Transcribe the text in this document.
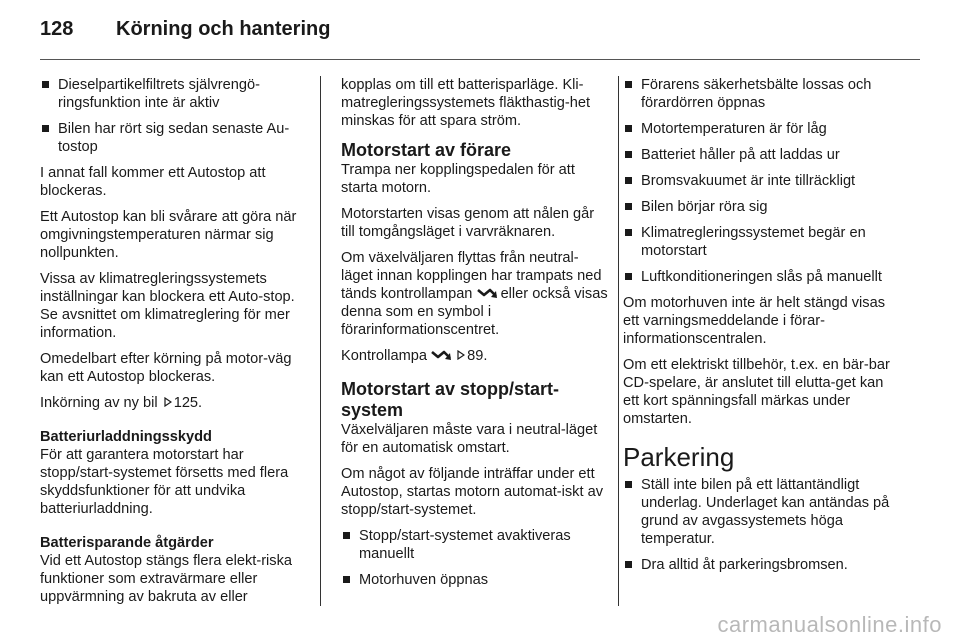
128 Körning och hantering
Dieselpartikelfiltrets självrengö-ringsfunktion inte är aktiv
Bilen har rört sig sedan senaste Au-tostop

I annat fall kommer ett Autostop att blockeras.

Ett Autostop kan bli svårare att göra när omgivningstemperaturen närmar sig nollpunkten.

Vissa av klimatregleringssystemets inställningar kan blockera ett Auto-stop. Se avsnittet om klimatreglering för mer information.

Omedelbart efter körning på motor-väg kan ett Autostop blockeras.

Inkörning av ny bil 125.

Batteriurladdningsskydd

För att garantera motorstart har stopp/start-systemet försetts med flera skyddsfunktioner för att undvika batteriurladdning.

Batterisparande åtgärder

Vid ett Autostop stängs flera elekt-riska funktioner som extravärmare eller uppvärmning av bakruta av eller

kopplas om till ett batterisparläge. Kli-matregleringssystemets fläkthastig-het minskas för att spara ström.

Motorstart av förare

Trampa ner kopplingspedalen för att starta motorn.

Motorstarten visas genom att nålen går till tomgångsläget i varvräknaren.

Om växelväljaren flyttas från neutral-läget innan kopplingen har trampats ned tänds kontrollampan eller också visas denna som en symbol i förarinformationscentret.

Kontrollampa	89.

Motorstart av stopp/start-system

Växelväljaren måste vara i neutral-läget för en automatisk omstart.

Om något av följande inträffar under ett Autostop, startas motorn automat-iskt av stopp/start-systemet.

Stopp/start-systemet avaktiveras manuellt
Motorhuven öppnas
Förarens säkerhetsbälte lossas och förardörren öppnas
Motortemperaturen är för låg
Batteriet håller på att laddas ur
Bromsvakuumet är inte tillräckligt
Bilen börjar röra sig
Klimatregleringssystemet begär en motorstart
Luftkonditioneringen slås på manuellt

Om motorhuven inte är helt stängd visas ett varningsmeddelande i förar-informationscentralen.

Om ett elektriskt tillbehör, t.ex. en bär-bar CD-spelare, är anslutet till elutta-get kan ett kort spänningsfall märkas under omstarten.

Parkering

Ställ inte bilen på ett lättantändligt underlag. Underlaget kan antändas på grund av avgassystemets höga temperatur.
Dra alltid åt parkeringsbromsen.
carmanualsonline.info
